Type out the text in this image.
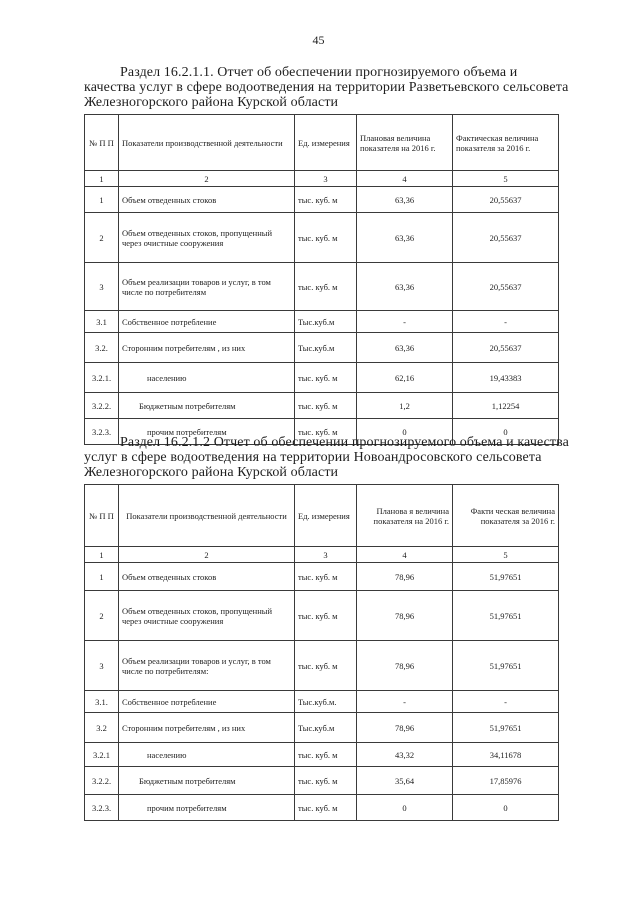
45
Раздел 16.2.1.1. Отчет об обеспечении прогнозируемого объема и
качества услуг в сфере водоотведения на территории Разветьевского сельсовета
Железногорского района Курской области
№ П П	Показатели производственной деятельности	Ед. измерения	Плановая величина показателя на 2016 г.	Фактическая величина показателя за 2016 г.
1	2	3	4	5
1	Объем отведенных стоков	тыс. куб. м	63,36	20,55637
2	Объем отведенных стоков, пропущенный через очистные сооружения	тыс. куб. м	63,36	20,55637
3	Объем реализации товаров и услуг, в том числе по потребителям	тыс. куб. м	63,36	20,55637
3.1	Собственное потребление	Тыс.куб.м	-	-
3.2.	Сторонним потребителям , из них	Тыс.куб.м	63,36	20,55637
3.2.1.	населению	тыс. куб. м	62,16	19,43383
3.2.2.	Бюджетным потребителям	тыс. куб. м	1,2	1,12254
3.2.3.	прочим потребителям	тыс. куб. м	0	0
Раздел 16.2.1.2 Отчет об обеспечении прогнозируемого объема и качества
услуг в сфере водоотведения на территории Новоандросовского сельсовета
Железногорского района Курской области
№ П П	Показатели производственной деятельности	Ед. измерения	Планова я величина показателя на 2016 г.	Факти ческая величина показателя за 2016 г.
1	2	3	4	5
1	Объем отведенных стоков	тыс. куб. м	78,96	51,97651
2	Объем отведенных стоков, пропущенный через очистные сооружения	тыс. куб. м	78,96	51,97651
3	Объем реализации товаров и услуг, в том числе по потребителям:	тыс. куб. м	78,96	51,97651
3.1.	Собственное потребление	Тыс.куб.м.	-	-
3.2	Сторонним потребителям , из них	Тыс.куб.м	78,96	51,97651
3.2.1	населению	тыс. куб. м	43,32	34,11678
3.2.2.	Бюджетным потребителям	тыс. куб. м	35,64	17,85976
3.2.3.	прочим потребителям	тыс. куб. м	0	0
